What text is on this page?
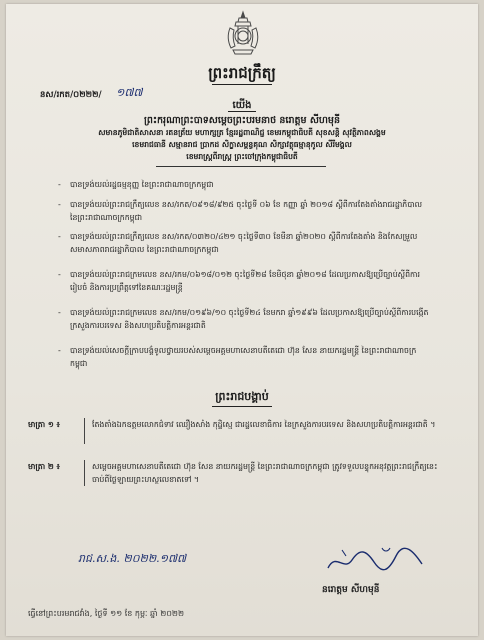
ព្រះរាជក្រឹត្យ
នស/រកត/០២២២/ ១៧៧
យើង
ព្រះករុណាព្រះបាទសម្ដេចព្រះបរមនាថ នរោត្ដម សីហមុនី
សមានភូមិជាតិសាសនា រតនត្រ័យ មហាក្សត្រ ខ្មែររដ្ឋពាណិជ្ជ ខេមរកម្ពុជាធិបតី សុខសន្ដិ សុវត្ថិភាពសង្គម
ខេមរាជធានី សម្មានរាជ ប្រាកដ សិក្ខាសម្ពន្ធគុណ សិក្សាវត្ថុធម្មានុកូល សីរីមង្គល
ខេមរាស្ត្រពីរាស្ត្រ ព្រះចៅក្រុងកម្ពុជាធិបតី
- បានទ្រង់យល់រដ្ឋធម្មនុញ្ញ នៃព្រះរាជាណាចក្រកម្ពុជា
- បានទ្រង់យល់ព្រះរាជក្រឹត្យលេខ នស/រកត/០៩១៨/៩២៥ ចុះថ្ងៃទី ០៦ ខែ កញ្ញា ឆ្នាំ ២០១៨ ស្ដីពីការតែងតាំងរាជរដ្ឋាភិបាល នៃព្រះរាជាណាចក្រកម្ពុជា
- បានទ្រង់យល់ព្រះរាជក្រឹត្យលេខ នស/រកត/០៣២០/៤២១ ចុះថ្ងៃទី៣០ ខែមីនា ឆ្នាំ២០២០ ស្ដីពីការតែងតាំង និងកែសម្រួលសមាសភាពរាជរដ្ឋាភិបាល នៃព្រះរាជាណាចក្រកម្ពុជា
- បានទ្រង់យល់ព្រះរាជក្រមលេខ នស/រកម/០៦១៨/០១២ ចុះថ្ងៃទី២៨ ខែមិថុនា ឆ្នាំ២០១៨ ដែលប្រកាសឱ្យប្រើច្បាប់ស្ដីពីការរៀបចំ និងការប្រព្រឹត្តទៅនៃគណៈរដ្ឋមន្រ្ដី
- បានទ្រង់យល់ព្រះរាជក្រមលេខ នស/រកម/០១៩៦/១០ ចុះថ្ងៃទី២៤ ខែមករា ឆ្នាំ១៩៩៦ ដែលប្រកាសឱ្យប្រើច្បាប់ស្ដីពីការបង្កើតក្រសួងការបរទេស និងសហប្រតិបត្តិការអន្ដរជាតិ
- បានទ្រង់យល់សេចក្ដីក្រាបបង្គំទូលថ្វាយរបស់សម្ដេចអគ្គមហាសេនាបតីតេជោ ហ៊ុន សែន នាយករដ្ឋមន្ត្រី នៃព្រះរាជាណាចក្រកម្ពុជា
ព្រះរាជបង្គាប់
មាត្រា ១ ៖	តែងតាំងឯកឧត្ដមលោកជំទាវ ឈឿងសាំង កុដ្ឋិស្មេ ជារដ្ឋលេខាធិការ នៃក្រសួងការបរទេស និងសហប្រតិបត្តិការអន្ដរជាតិ ។
មាត្រា ២ ៖	សម្ដេចអគ្គមហាសេនាបតីតេជោ ហ៊ុន សែន នាយករដ្ឋមន្ត្រី នៃព្រះរាជាណាចក្រកម្ពុជា ត្រូវទទួលបន្ទុកអនុវត្តព្រះរាជក្រឹត្យនេះ ចាប់ពីថ្ងៃឡាយព្រះហស្ថលេខាតទៅ ។
រាជ.ស.ង. ២០២២.១៧៧
នរោត្ដម សីហមុនី
ធ្វើនៅព្រះបរមរាជវាំង, ថ្ងៃទី ១១ ខែ កុម្ភៈ ឆ្នាំ ២០២២
